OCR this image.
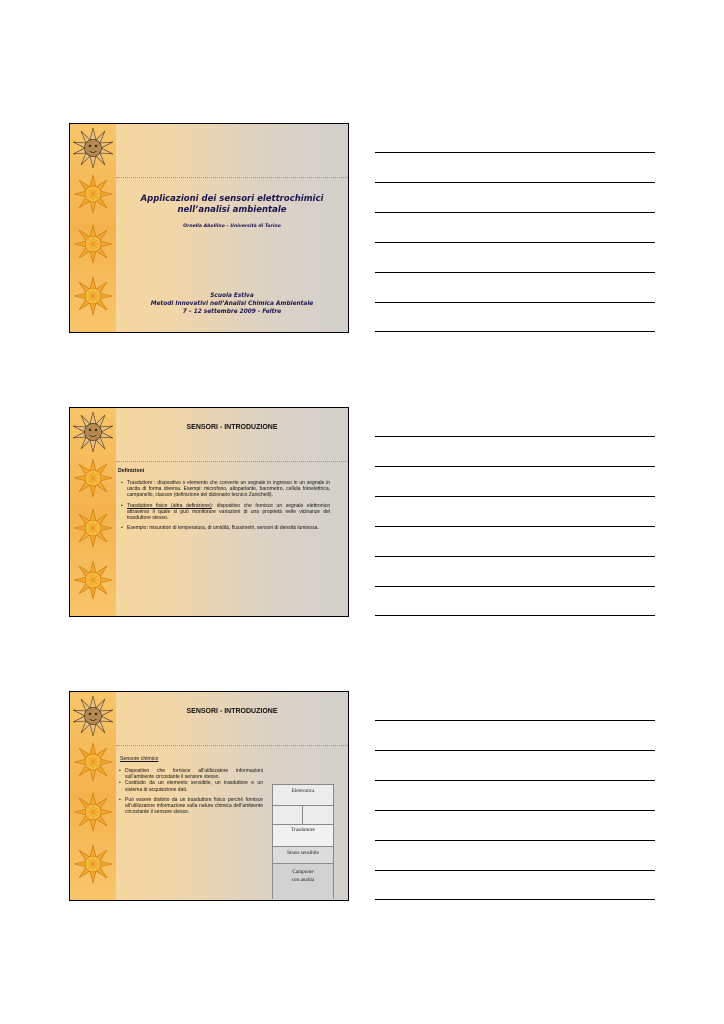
Applicazioni dei sensori elettrochimici
nell’analisi ambientale
Ornella Abollino – Università di Torino
Scuola Estiva
Metodi Innovativi nell’Analisi Chimica Ambientale
7 – 12 settembre 2009 - Feltre
SENSORI - INTRODUZIONE
Definizioni
• Trasduttore : dispositivo o elemento che converte un segnale in ingresso in un segnale in uscita di forma diversa. Esempi: microfono, altoparlante, barometro, cellula fotoelettrica, campanello, clacson (definizione del dizionario tecnico Zanichelli).
• Trasduttore fisico (altra definizione): dispositivo che fornisce un segnale elettronico attraverso il quale si può monitorare variazioni di una proprietà nelle vicinanze del trasduttore stesso.
• Esempio: misuratori di temperatura, di umidità, flussimetri, sensori di densità luminosa.
SENSORI - INTRODUZIONE
Sensore chimico
• Dispositivo che fornisce all’utilizzatore informazioni sull’ambiente circostante il sensore stesso.
• Costituito da un elemento sensibile, un trasduttore e un sistema di acquisizione dati.
• Può essere distinto da un trasduttore fisico perchè fornisce all’utilizzatore informazione sulla natura chimica dell’ambiente circostante il sensore stesso.
Elettronica
Trasduttore
Strato sensibile
Campione
con analita
